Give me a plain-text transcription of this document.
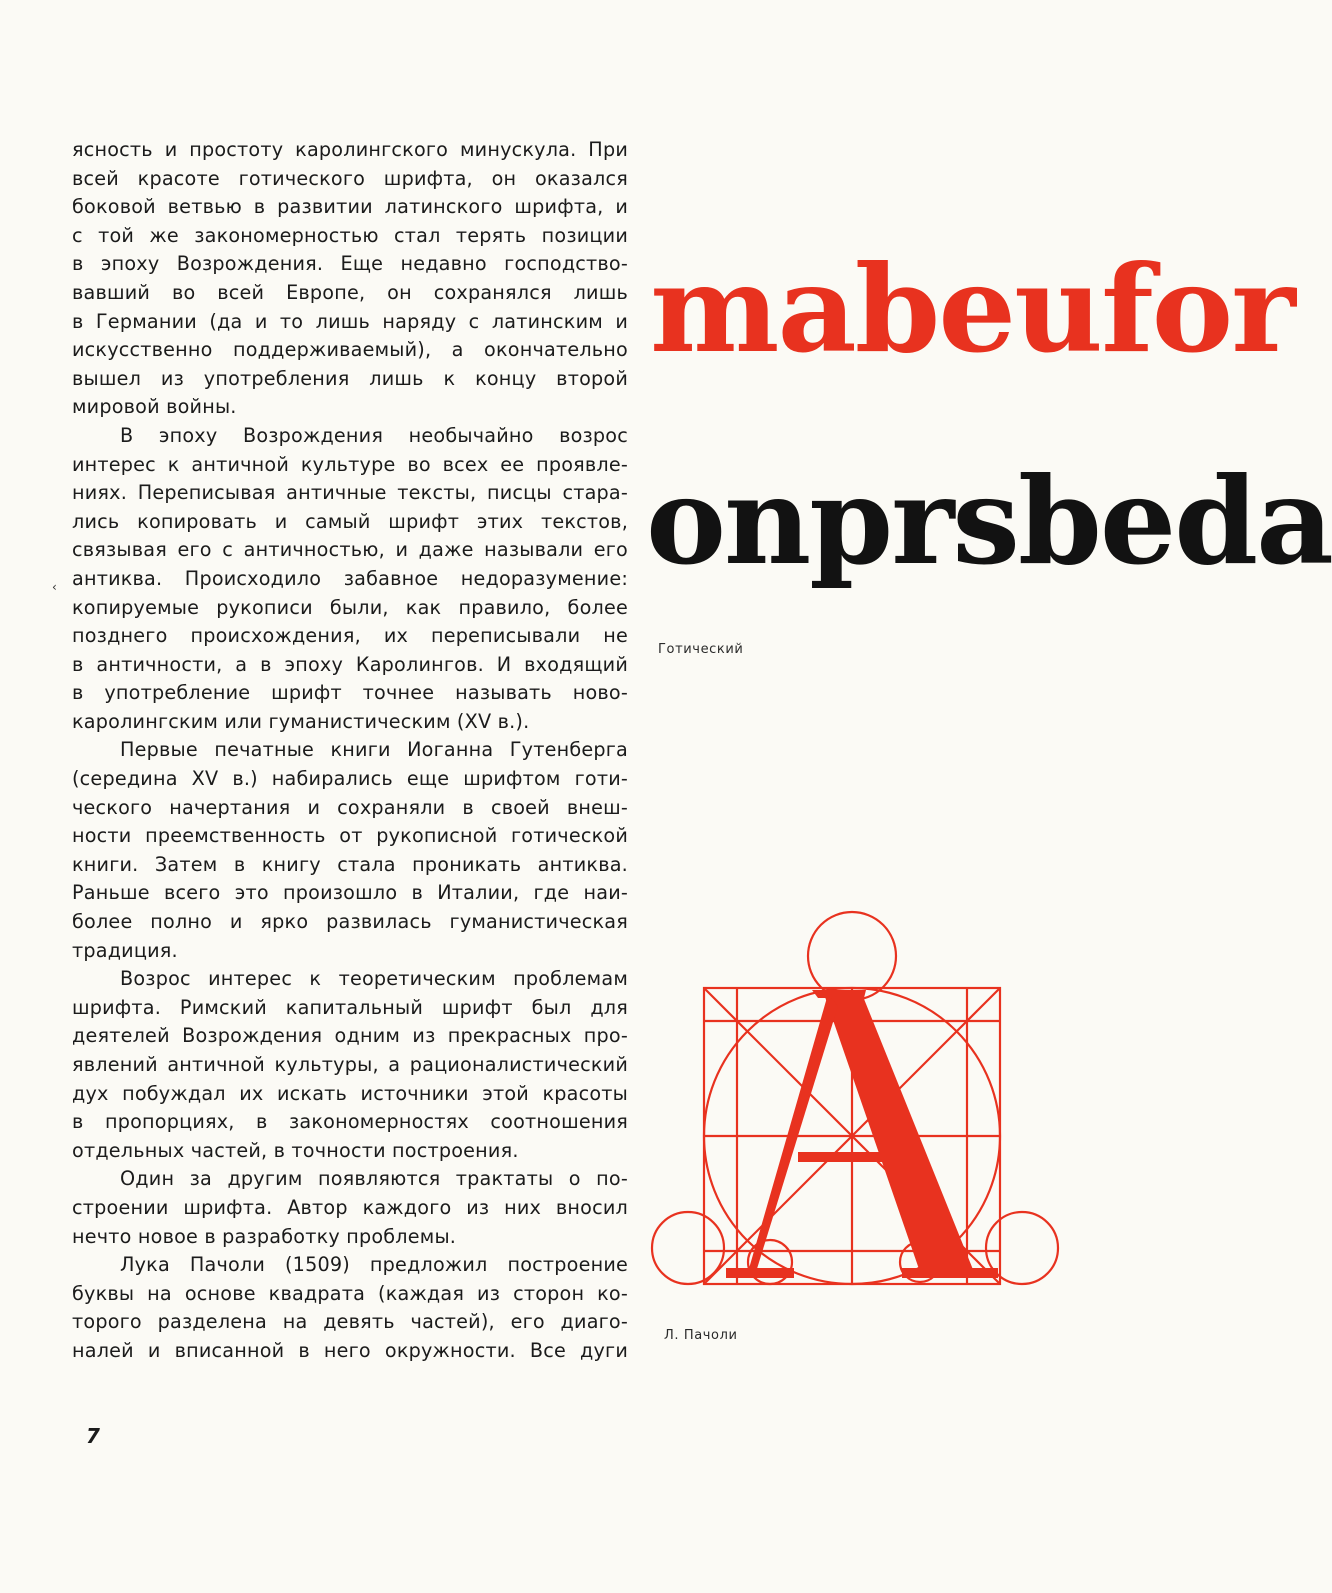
‹
ясность и простоту каролингского минускула. При
всей красоте готического шрифта, он оказался
боковой ветвью в развитии латинского шрифта, и
с той же закономерностью стал терять позиции
в эпоху Возрождения. Еще недавно господство-
вавший во всей Европе, он сохранялся лишь
в Германии (да и то лишь наряду с латинским и
искусственно поддерживаемый), а окончательно
вышел из употребления лишь к концу второй
мировой войны.
В эпоху Возрождения необычайно возрос
интерес к античной культуре во всех ее проявле-
ниях. Переписывая античные тексты, писцы стара-
лись копировать и самый шрифт этих текстов,
связывая его с античностью, и даже называли его
антиква. Происходило забавное недоразумение:
копируемые рукописи были, как правило, более
позднего происхождения, их переписывали не
в античности, а в эпоху Каролингов. И входящий
в употребление шрифт точнее называть ново-
каролингским или гуманистическим (XV в.).
Первые печатные книги Иоганна Гутенберга
(середина XV в.) набирались еще шрифтом готи-
ческого начертания и сохраняли в своей внеш-
ности преемственность от рукописной готической
книги. Затем в книгу стала проникать антиква.
Раньше всего это произошло в Италии, где наи-
более полно и ярко развилась гуманистическая
традиция.
Возрос интерес к теоретическим проблемам
шрифта. Римский капитальный шрифт был для
деятелей Возрождения одним из прекрасных про-
явлений античной культуры, а рационалистический
дух побуждал их искать источники этой красоты
в пропорциях, в закономерностях соотношения
отдельных частей, в точности построения.
Один за другим появляются трактаты о по-
строении шрифта. Автор каждого из них вносил
нечто новое в разработку проблемы.
Лука Пачоли (1509) предложил построение
буквы на основе квадрата (каждая из сторон ко-
торого разделена на девять частей), его диаго-
налей и вписанной в него окружности. Все дуги
mabeufor
onprsbeda
Готический
Л. Пачоли
7
